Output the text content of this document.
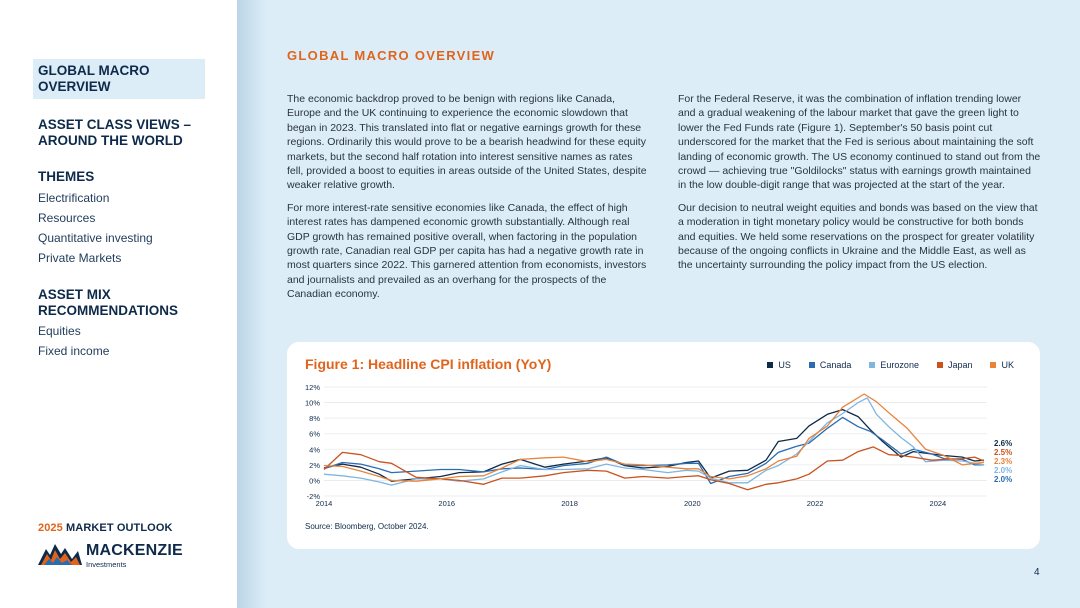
GLOBAL MACRO OVERVIEW
ASSET CLASS VIEWS – AROUND THE WORLD
THEMES
Electrification
Resources
Quantitative investing
Private Markets
ASSET MIX RECOMMENDATIONS
Equities
Fixed income
2025 MARKET OUTLOOK
MACKENZIE
Investments
GLOBAL MACRO OVERVIEW

The economic backdrop proved to be benign with regions like Canada, Europe and the UK continuing to experience the economic slowdown that began in 2023. This translated into flat or negative earnings growth for these regions. Ordinarily this would prove to be a bearish headwind for these equity markets, but the second half rotation into interest sensitive names as rates fell, provided a boost to equities in areas outside of the United States, despite weaker relative growth.

For more interest-rate sensitive economies like Canada, the effect of high interest rates has dampened economic growth substantially. Although real GDP growth has remained positive overall, when factoring in the population growth rate, Canadian real GDP per capita has had a negative growth rate in most quarters since 2022. This garnered attention from economists, investors and journalists and prevailed as an overhang for the prospects of the Canadian economy.

For the Federal Reserve, it was the combination of inflation trending lower and a gradual weakening of the labour market that gave the green light to lower the Fed Funds rate (Figure 1). September's 50 basis point cut underscored for the market that the Fed is serious about maintaining the soft landing of economic growth. The US economy continued to stand out from the crowd — achieving true "Goldilocks" status with earnings growth maintained in the low double-digit range that was projected at the start of the year.

Our decision to neutral weight equities and bonds was based on the view that a moderation in tight monetary policy would be constructive for both bonds and equities. We held some reservations on the prospect for greater volatility because of the ongoing conflicts in Ukraine and the Middle East, as well as the uncertainty surrounding the policy impact from the US election.

Figure 1: Headline CPI inflation (YoY)	US	Canada	Eurozone	Japan	UK
12%
10%
8%
6%
4%
2%
0%
-2%
2014	2016	2018	2020	2022	2024
2.6%
2.5%
2.3%
2.0%
2.0%
Source: Bloomberg, October 2024.
4
